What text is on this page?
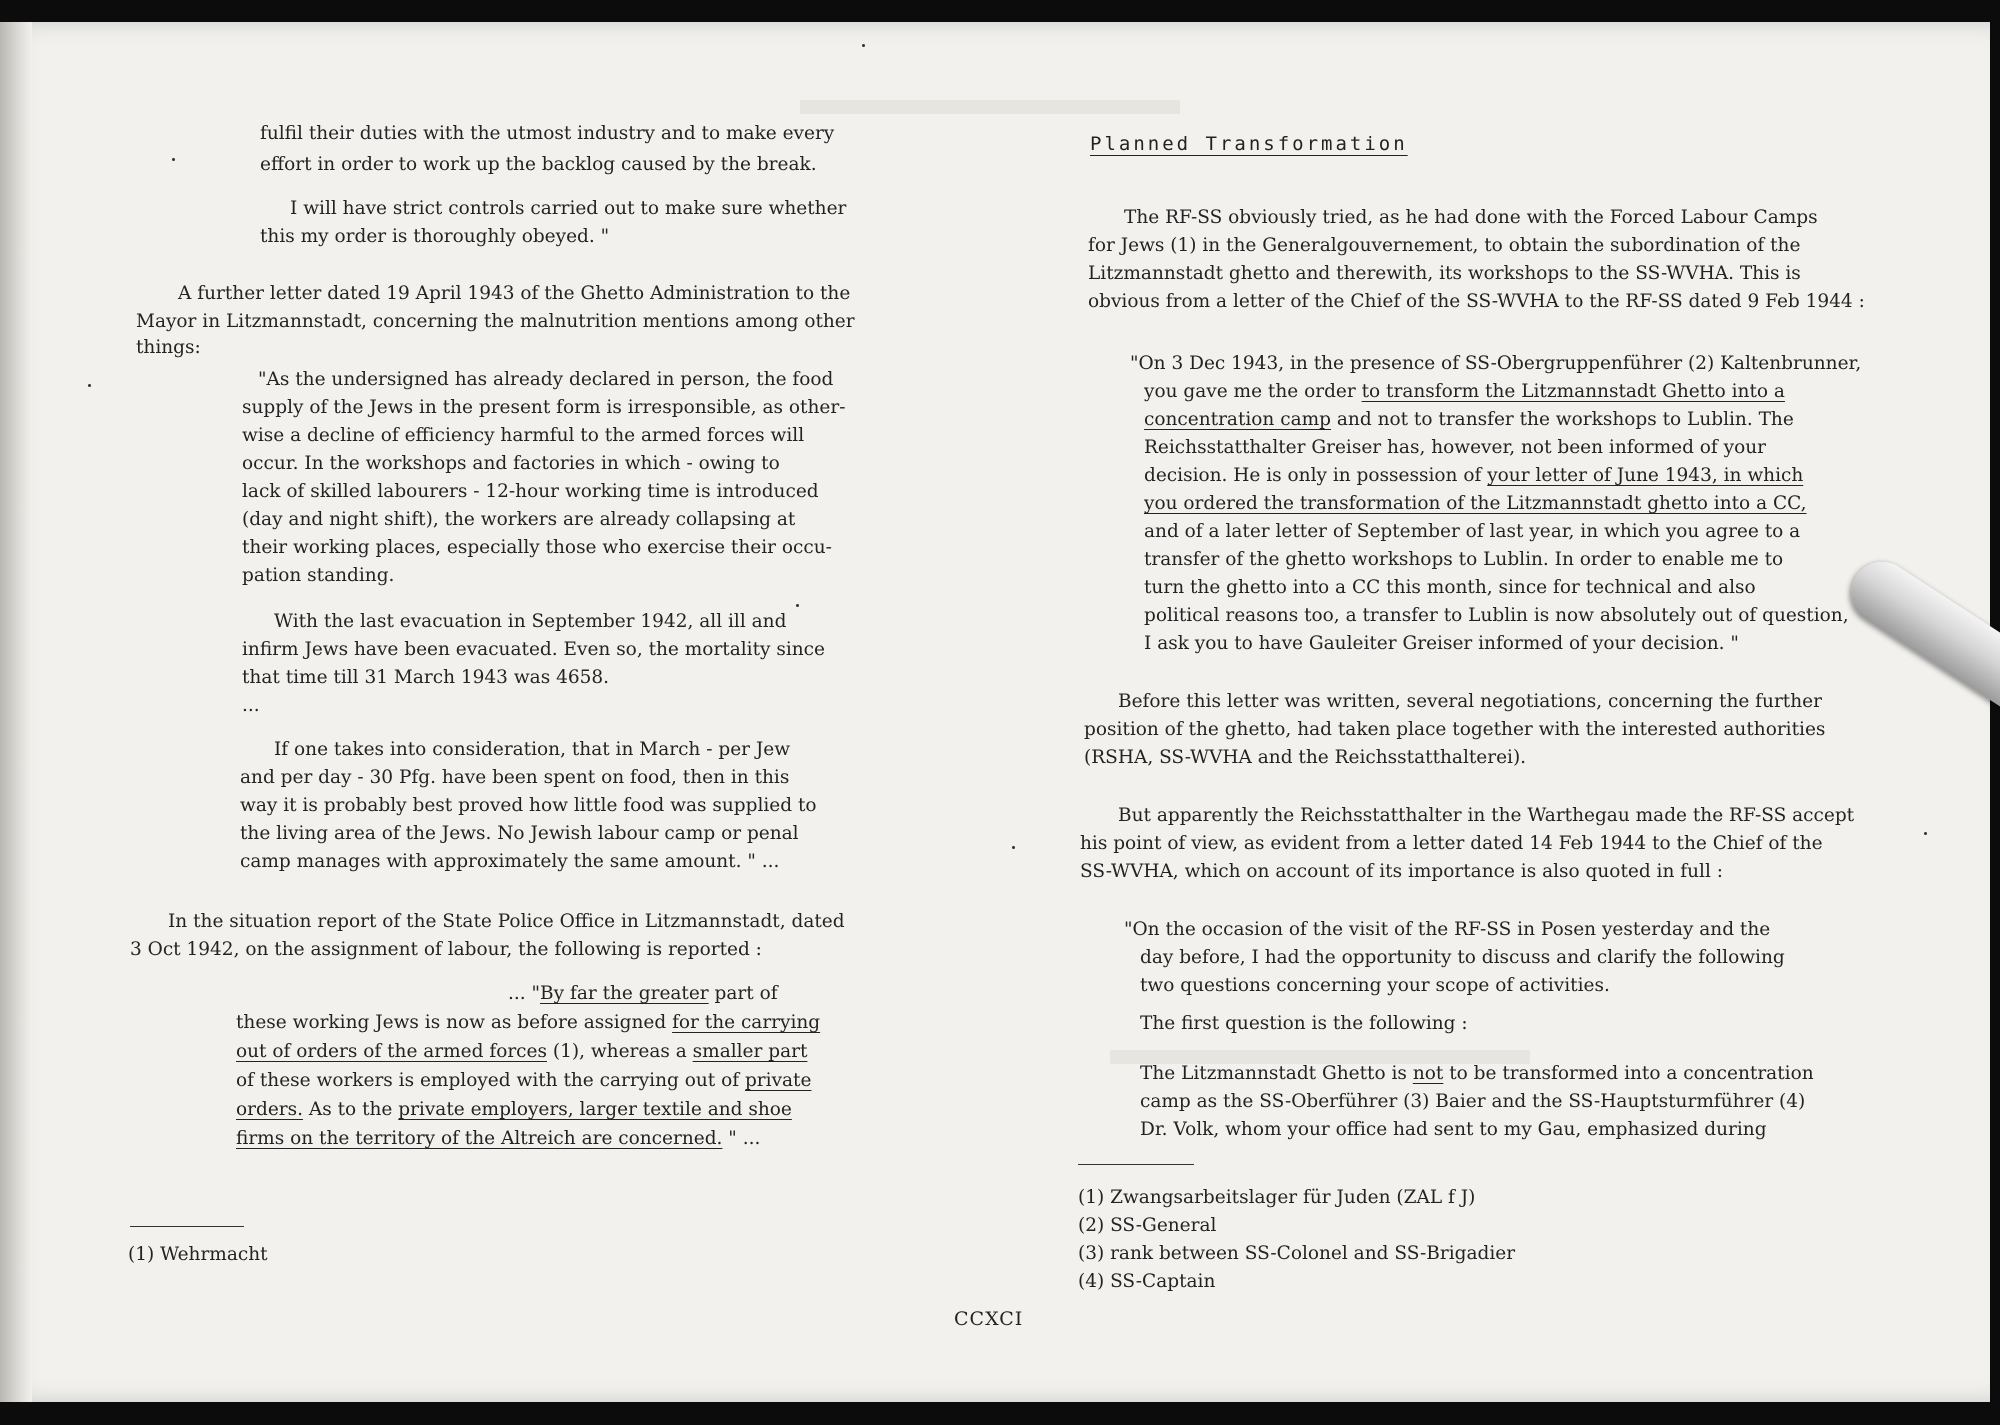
fulfil their duties with the utmost industry and to make every
effort in order to work up the backlog caused by the break.
I will have strict controls carried out to make sure whether
this my order is thoroughly obeyed. "
A further letter dated 19 April 1943 of the Ghetto Administration to the
Mayor in Litzmannstadt, concerning the malnutrition mentions among other
things:
"As the undersigned has already declared in person, the food
supply of the Jews in the present form is irresponsible, as other-
wise a decline of efficiency harmful to the armed forces will
occur. In the workshops and factories in which - owing to
lack of skilled labourers - 12-hour working time is introduced
(day and night shift), the workers are already collapsing at
their working places, especially those who exercise their occu-
pation standing.
With the last evacuation in September 1942, all ill and
infirm Jews have been evacuated. Even so, the mortality since
that time till 31 March 1943 was 4658.
...
If one takes into consideration, that in March - per Jew
and per day - 30 Pfg. have been spent on food, then in this
way it is probably best proved how little food was supplied to
the living area of the Jews. No Jewish labour camp or penal
camp manages with approximately the same amount. " ...
In the situation report of the State Police Office in Litzmannstadt, dated
3 Oct 1942, on the assignment of labour, the following is reported :
... "By far the greater part of
these working Jews is now as before assigned for the carrying
out of orders of the armed forces (1), whereas a smaller part
of these workers is employed with the carrying out of private
orders. As to the private employers, larger textile and shoe
firms on the territory of the Altreich are concerned. " ...
(1) Wehrmacht
Planned Transformation
The RF-SS obviously tried, as he had done with the Forced Labour Camps
for Jews (1) in the Generalgouvernement, to obtain the subordination of the
Litzmannstadt ghetto and therewith, its workshops to the SS-WVHA. This is
obvious from a letter of the Chief of the SS-WVHA to the RF-SS dated 9 Feb 1944 :
"On 3 Dec 1943, in the presence of SS-Obergruppenführer (2) Kaltenbrunner,
you gave me the order to transform the Litzmannstadt Ghetto into a
concentration camp and not to transfer the workshops to Lublin. The
Reichsstatthalter Greiser has, however, not been informed of your
decision. He is only in possession of your letter of June 1943, in which
you ordered the transformation of the Litzmannstadt ghetto into a CC,
and of a later letter of September of last year, in which you agree to a
transfer of the ghetto workshops to Lublin. In order to enable me to
turn the ghetto into a CC this month, since for technical and also
political reasons too, a transfer to Lublin is now absolutely out of question,
I ask you to have Gauleiter Greiser informed of your decision. "
Before this letter was written, several negotiations, concerning the further
position of the ghetto, had taken place together with the interested authorities
(RSHA, SS-WVHA and the Reichsstatthalterei).
But apparently the Reichsstatthalter in the Warthegau made the RF-SS accept
his point of view, as evident from a letter dated 14 Feb 1944 to the Chief of the
SS-WVHA, which on account of its importance is also quoted in full :
"On the occasion of the visit of the RF-SS in Posen yesterday and the
day before, I had the opportunity to discuss and clarify the following
two questions concerning your scope of activities.
The first question is the following :
The Litzmannstadt Ghetto is not to be transformed into a concentration
camp as the SS-Oberführer (3) Baier and the SS-Hauptsturmführer (4)
Dr. Volk, whom your office had sent to my Gau, emphasized during
(1) Zwangsarbeitslager für Juden (ZAL f J)
(2) SS-General
(3) rank between SS-Colonel and SS-Brigadier
(4) SS-Captain
CCXCI
